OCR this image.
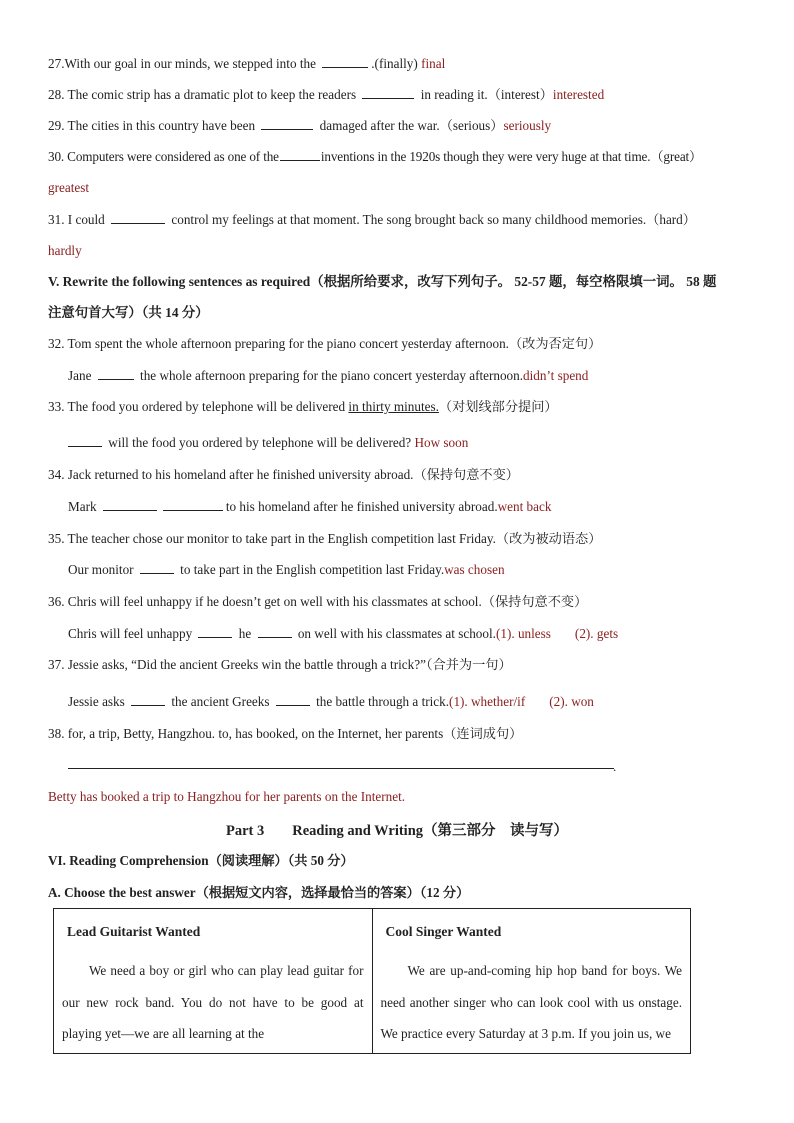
27.With our goal in our minds, we stepped into the	.(finally) final
28. The comic strip has a dramatic plot to keep the readers	in reading it.（interest）interested
29. The cities in this country have been	damaged after the war.（serious）seriously
30. Computers were considered as one of the	inventions in the 1920s though they were very huge at that time.（great）
greatest
31. I could	control my feelings at that moment. The song brought back so many childhood memories.（hard）
hardly
V. Rewrite the following sentences as required（根据所给要求，改写下列句子。 52-57 题，每空格限填一词。 58 题
注意句首大写）（共 14 分）
32. Tom spent the whole afternoon preparing for the piano concert yesterday afternoon.（改为否定句）
Jane	the whole afternoon preparing for the piano concert yesterday afternoon.didn’t spend
33. The food you ordered by telephone will be delivered in thirty minutes.（对划线部分提问）
will the food you ordered by telephone will be delivered? How soon
34. Jack returned to his homeland after he finished university abroad.（保持句意不变）
Mark	to his homeland after he finished university abroad.went back
35. The teacher chose our monitor to take part in the English competition last Friday.（改为被动语态）
Our monitor	to take part in the English competition last Friday.was chosen
36. Chris will feel unhappy if he doesn’t get on well with his classmates at school.（保持句意不变）
Chris will feel unhappy	he	on well with his classmates at school.(1). unless (2). gets
37. Jessie asks, “Did the ancient Greeks win the battle through a trick?”（合并为一句）
Jessie asks	the ancient Greeks	the battle through a trick.(1). whether/if (2). won
38. for, a trip, Betty, Hangzhou. to, has booked, on the Internet, her parents（连词成句）
.
Betty has booked a trip to Hangzhou for her parents on the Internet.
Part 3 Reading and Writing（第三部分　读与写）
VI. Reading Comprehension（阅读理解）（共 50 分）
A. Choose the best answer（根据短文内容，选择最恰当的答案）（12 分）
Lead Guitarist Wanted

We need a boy or girl who can play lead guitar for our new rock band. You do not have to be good at playing yet—we are all learning at the

Cool Singer Wanted

We are up-and-coming hip hop band for boys. We need another singer who can look cool with us onstage. We practice every Saturday at 3 p.m. If you join us, we
